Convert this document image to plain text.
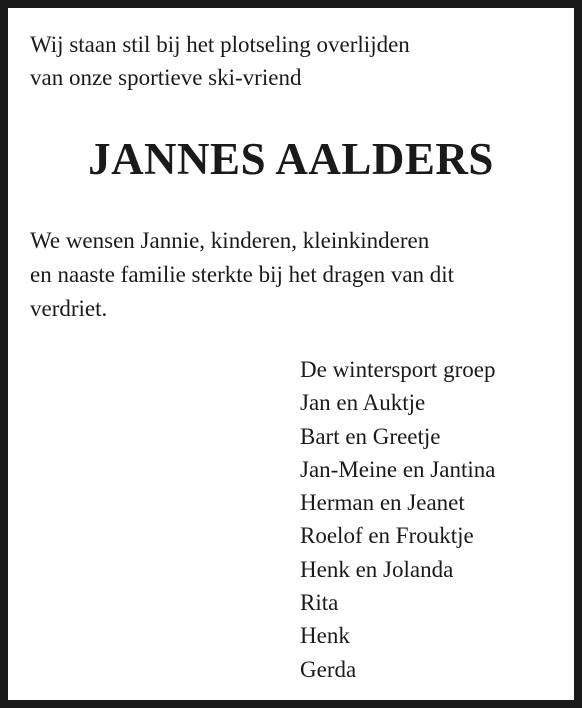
Wij staan stil bij het plotseling overlijden
van onze sportieve ski-vriend
JANNES AALDERS
We wensen Jannie, kinderen, kleinkinderen
en naaste familie sterkte bij het dragen van dit
verdriet.
De wintersport groep
Jan en Auktje
Bart en Greetje
Jan-Meine en Jantina
Herman en Jeanet
Roelof en Frouktje
Henk en Jolanda
Rita
Henk
Gerda
